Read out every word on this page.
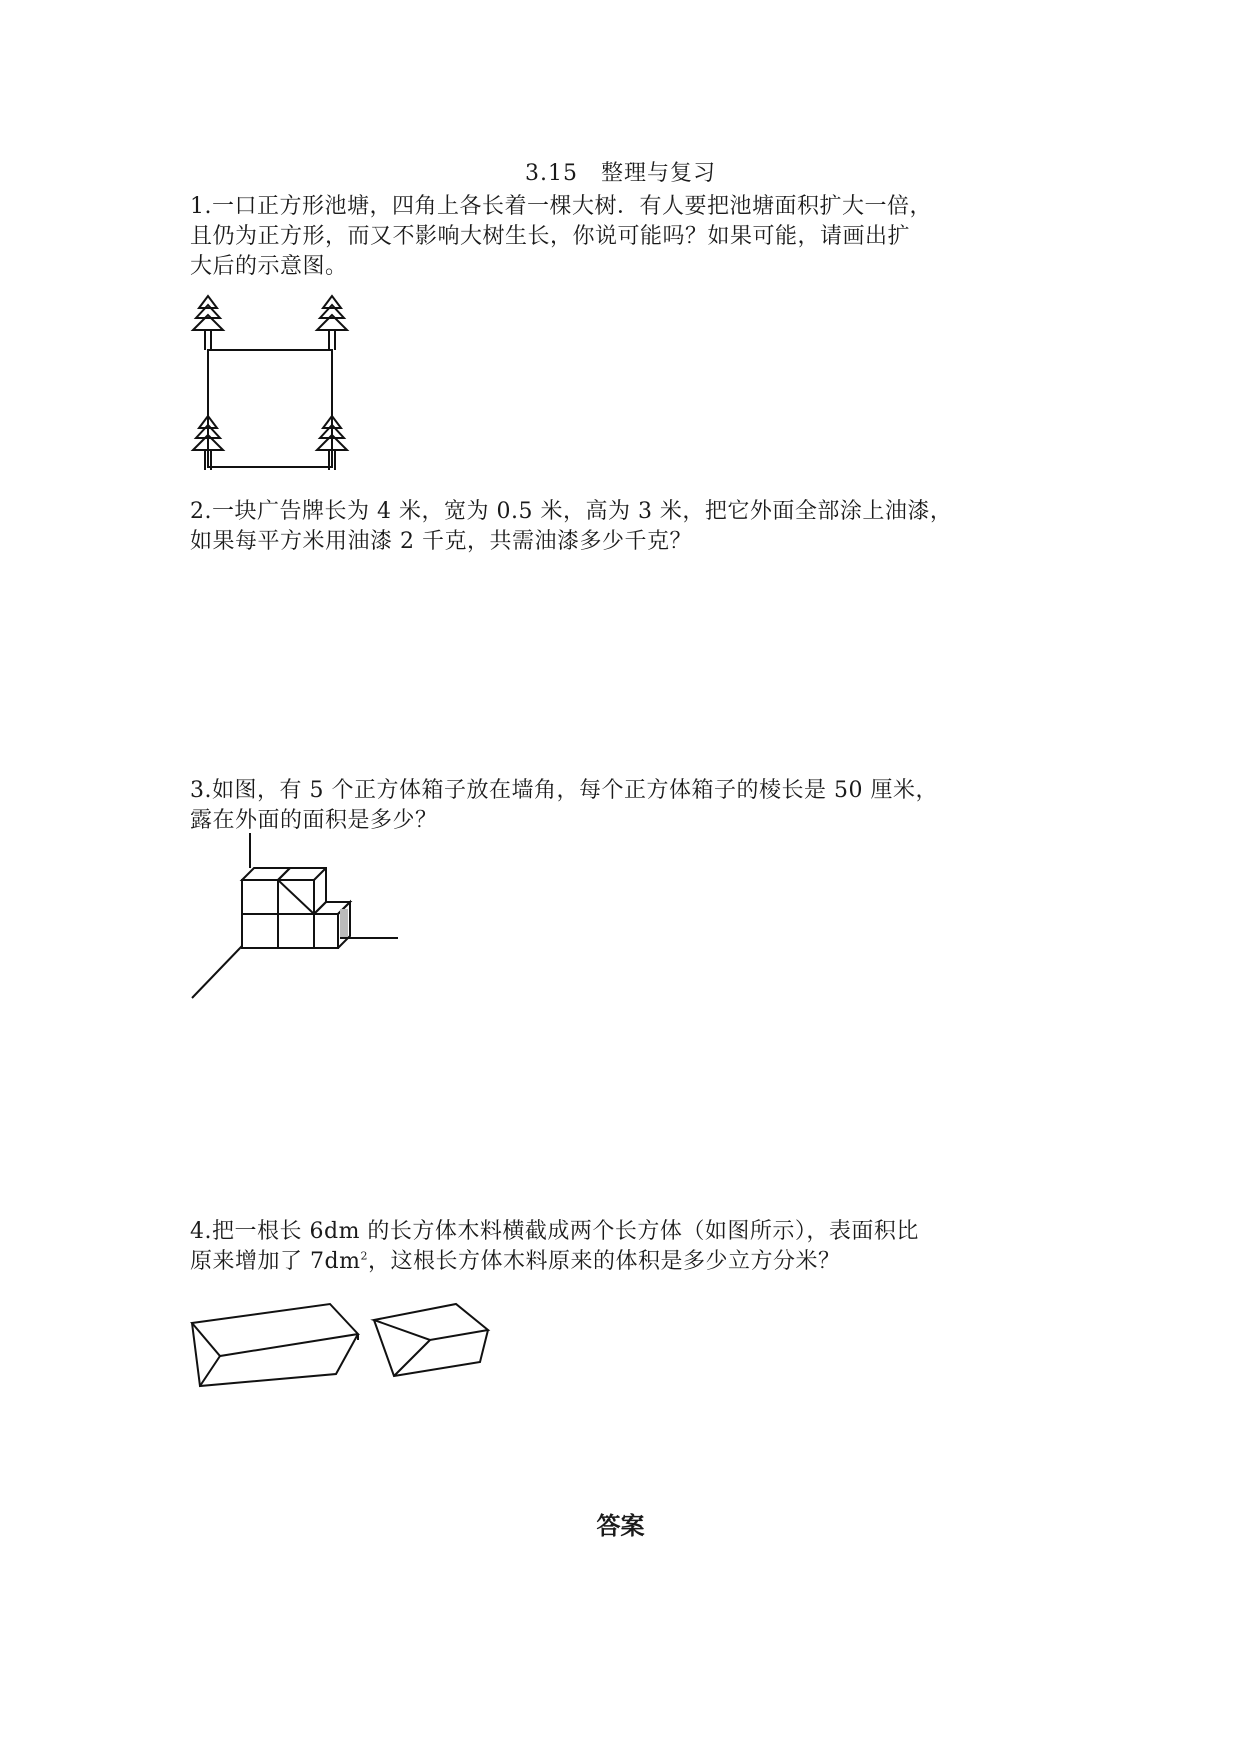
3.15　整理与复习

1.一口正方形池塘，四角上各长着一棵大树．有人要把池塘面积扩大一倍，

且仍为正方形，而又不影响大树生长，你说可能吗？如果可能，请画出扩

大后的示意图。

2.一块广告牌长为 4 米，宽为 0.5 米，高为 3 米，把它外面全部涂上油漆，

如果每平方米用油漆 2 千克，共需油漆多少千克？

3.如图，有 5 个正方体箱子放在墙角，每个正方体箱子的棱长是 50 厘米，

露在外面的面积是多少？

4.把一根长 6dm 的长方体木料横截成两个长方体（如图所示），表面积比

原来增加了 $7dm^2$，这根长方体木料原来的体积是多少立方分米？

答案
